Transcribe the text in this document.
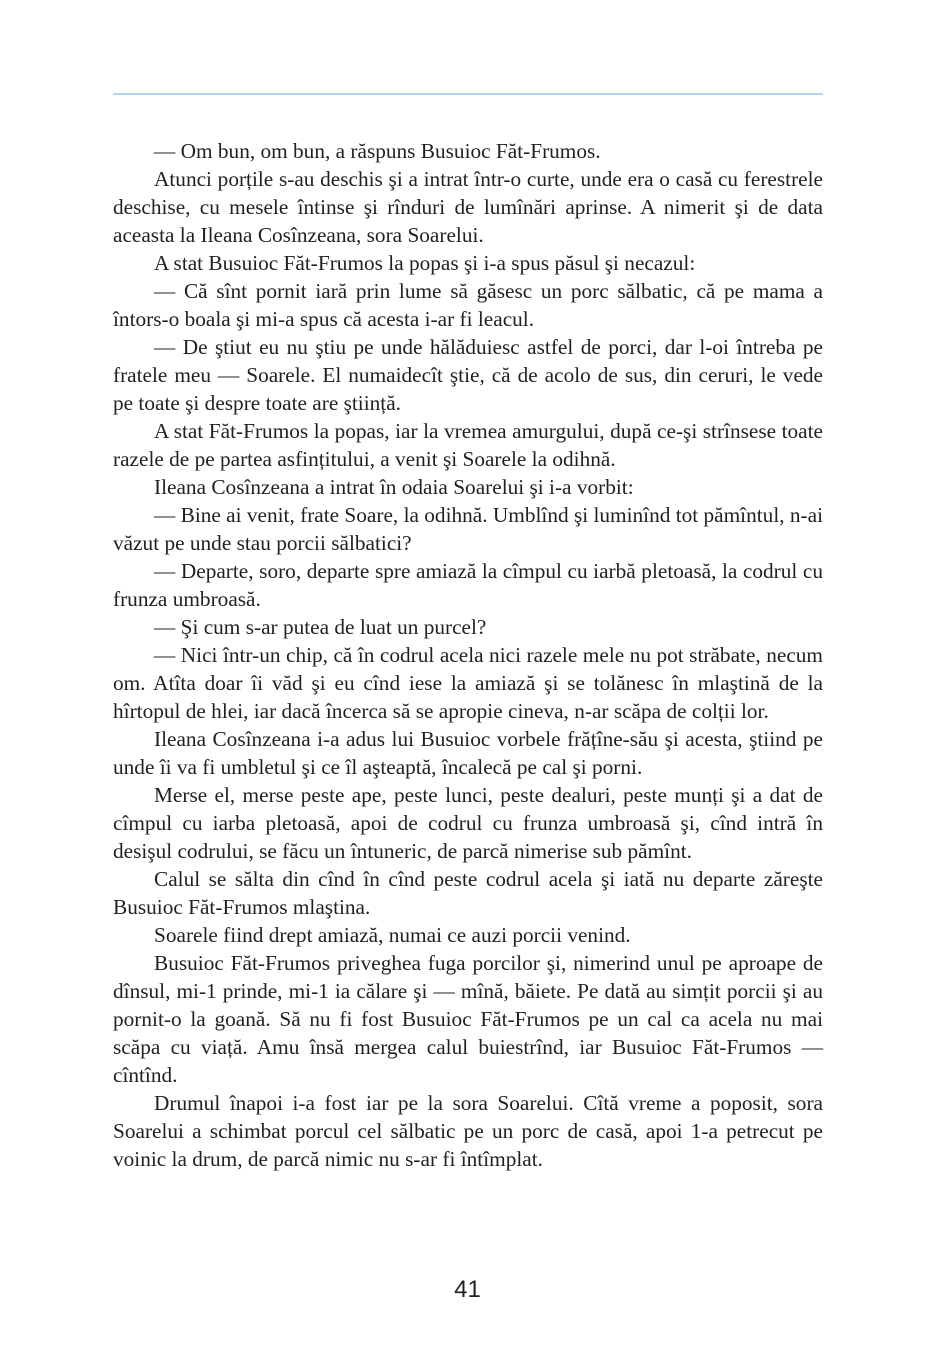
— Om bun, om bun, a răspuns Busuioc Făt-Frumos.

Atunci porțile s-au deschis şi a intrat într-o curte, unde era o casă cu ferestrele deschise, cu mesele întinse şi rînduri de lumînări aprinse. A nimerit şi de data aceasta la Ileana Cosînzeana, sora Soarelui.

A stat Busuioc Făt-Frumos la popas şi i-a spus păsul şi necazul:

— Că sînt pornit iară prin lume să găsesc un porc sălbatic, că pe mama a întors-o boala şi mi-a spus că acesta i-ar fi leacul.

— De ştiut eu nu ştiu pe unde hălăduiesc astfel de porci, dar l-oi întreba pe fratele meu — Soarele. El numaidecît ştie, că de acolo de sus, din ceruri, le vede pe toate şi despre toate are ştiință.

A stat Făt-Frumos la popas, iar la vremea amurgului, după ce-şi strînsese toate razele de pe partea asfințitului, a venit şi Soarele la odihnă.

Ileana Cosînzeana a intrat în odaia Soarelui şi i-a vorbit:

— Bine ai venit, frate Soare, la odihnă. Umblînd şi luminînd tot pămîntul, n-ai văzut pe unde stau porcii sălbatici?

— Departe, soro, departe spre amiază la cîmpul cu iarbă pletoasă, la codrul cu frunza umbroasă.

— Şi cum s-ar putea de luat un purcel?

— Nici într-un chip, că în codrul acela nici razele mele nu pot străbate, necum om. Atîta doar îi văd şi eu cînd iese la amiază şi se tolănesc în mlaştină de la hîrtopul de hlei, iar dacă încerca să se apropie cineva, n-ar scăpa de colții lor.

Ileana Cosînzeana i-a adus lui Busuioc vorbele frățîne-său şi acesta, ştiind pe unde îi va fi umbletul şi ce îl aşteaptă, încalecă pe cal şi porni.

Merse el, merse peste ape, peste lunci, peste dealuri, peste munți şi a dat de cîmpul cu iarba pletoasă, apoi de codrul cu frunza umbroasă şi, cînd intră în desişul codrului, se făcu un întuneric, de parcă nimerise sub pămînt.

Calul se sălta din cînd în cînd peste codrul acela şi iată nu departe zăreşte Busuioc Făt-Frumos mlaştina.

Soarele fiind drept amiază, numai ce auzi porcii venind.

Busuioc Făt-Frumos priveghea fuga porcilor şi, nimerind unul pe aproape de dînsul, mi-1 prinde, mi-1 ia călare şi — mînă, băiete. Pe dată au simțit porcii şi au pornit-o la goană. Să nu fi fost Busuioc Făt-Frumos pe un cal ca acela nu mai scăpa cu viață. Amu însă mergea calul buiestrînd, iar Busuioc Făt-Frumos — cîntînd.

Drumul înapoi i-a fost iar pe la sora Soarelui. Cîtă vreme a poposit, sora Soarelui a schimbat porcul cel sălbatic pe un porc de casă, apoi 1-a petrecut pe voinic la drum, de parcă nimic nu s-ar fi întîmplat.

41
